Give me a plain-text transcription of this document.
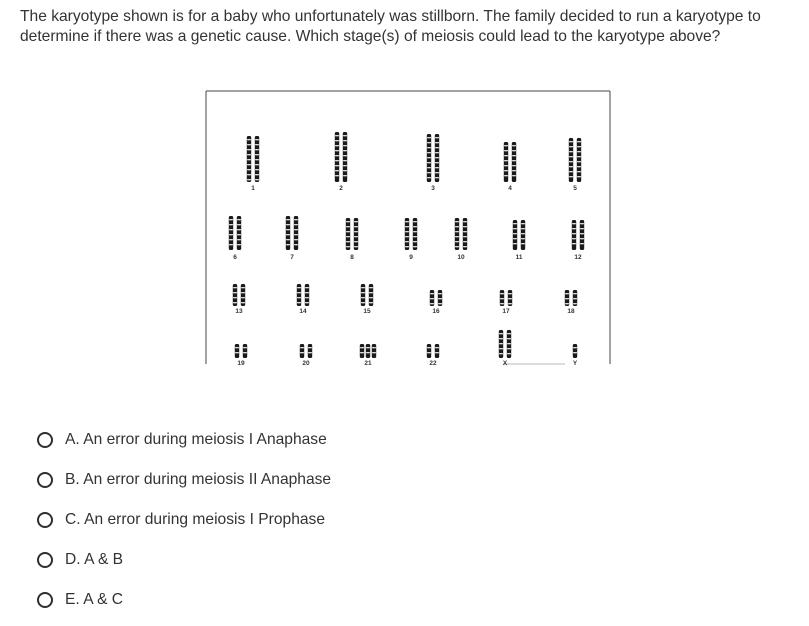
The karyotype shown is for a baby who unfortunately was stillborn. The family decided to run a karyotype to determine if there was a genetic cause. Which stage(s) of meiosis could lead to the karyotype above?
1	2	3	4	5
6	7	8	9	10	11	12
13	14	15	16	17	18
19	20	21	22	X	Y
A. An error during meiosis I Anaphase
B. An error during meiosis II Anaphase
C. An error during meiosis I Prophase
D. A & B
E. A & C
